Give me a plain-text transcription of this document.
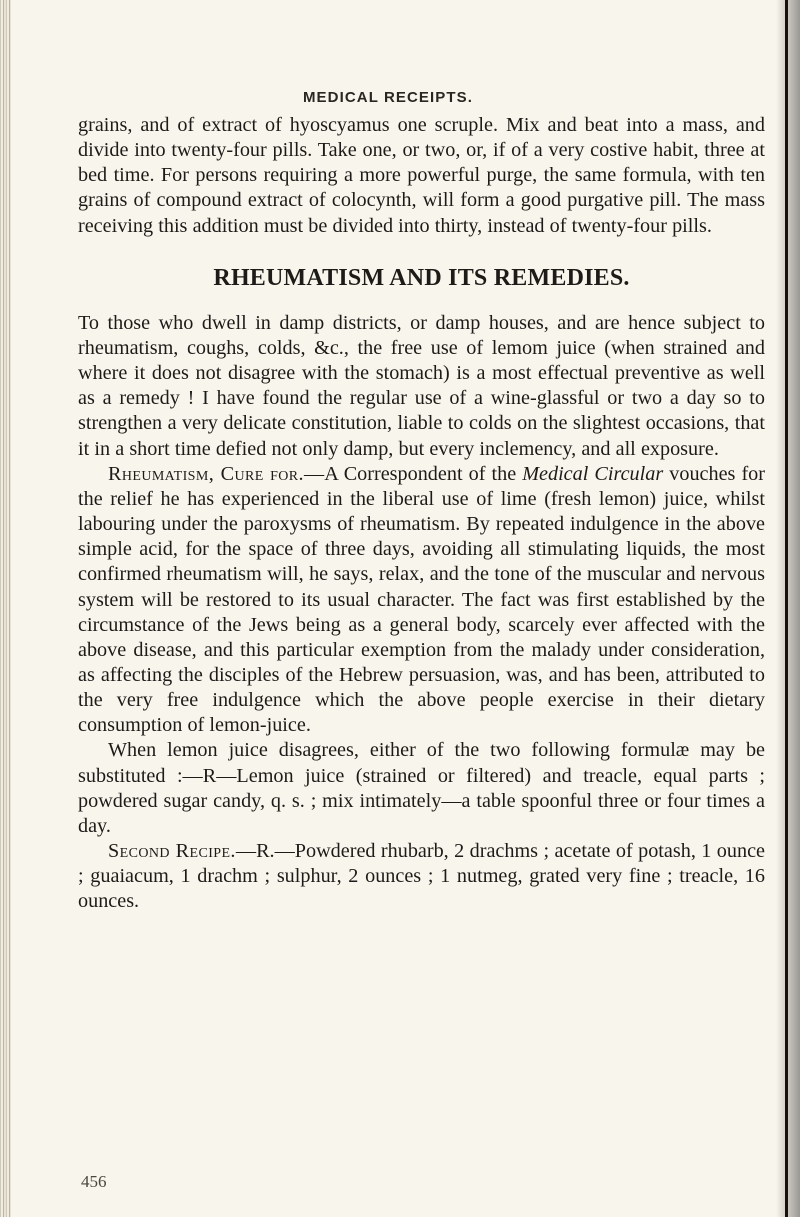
MEDICAL RECEIPTS.

grains, and of extract of hyoscyamus one scruple. Mix and beat into a mass, and divide into twenty-four pills. Take one, or two, or, if of a very costive habit, three at bed time. For persons requiring a more powerful purge, the same formula, with ten grains of compound extract of colocynth, will form a good purgative pill. The mass receiving this addition must be divided into thirty, instead of twenty-four pills.

RHEUMATISM AND ITS REMEDIES.

To those who dwell in damp districts, or damp houses, and are hence subject to rheumatism, coughs, colds, &c., the free use of lemom juice (when strained and where it does not disagree with the stomach) is a most effectual preventive as well as a remedy ! I have found the regular use of a wine-glassful or two a day so to strengthen a very delicate constitution, liable to colds on the slightest occasions, that it in a short time defied not only damp, but every inclemency, and all exposure.

Rheumatism, Cure for.—A Correspondent of the Medical Circular vouches for the relief he has experienced in the liberal use of lime (fresh lemon) juice, whilst labouring under the paroxysms of rheumatism. By repeated indulgence in the above simple acid, for the space of three days, avoiding all stimulating liquids, the most confirmed rheumatism will, he says, relax, and the tone of the muscular and nervous system will be restored to its usual character. The fact was first established by the circumstance of the Jews being as a general body, scarcely ever affected with the above disease, and this particular exemption from the malady under consideration, as affecting the disciples of the Hebrew persuasion, was, and has been, attributed to the very free indulgence which the above people exercise in their dietary consumption of lemon-juice.

When lemon juice disagrees, either of the two following formulæ may be substituted :—R—Lemon juice (strained or filtered) and treacle, equal parts ; powdered sugar candy, q. s. ; mix intimately—a table spoonful three or four times a day.

Second Recipe.—R.—Powdered rhubarb, 2 drachms ; acetate of potash, 1 ounce ; guaiacum, 1 drachm ; sulphur, 2 ounces ; 1 nutmeg, grated very fine ; treacle, 16 ounces.

456
